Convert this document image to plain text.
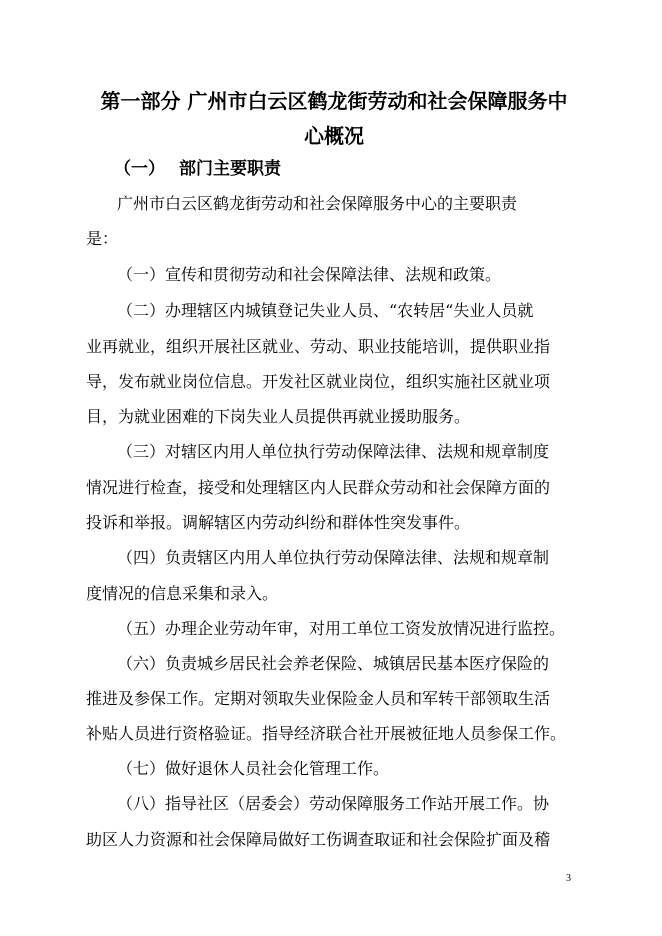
第一部分 广州市白云区鹤龙街劳动和社会保障服务中
心概况
（一） 部门主要职责
广州市白云区鹤龙街劳动和社会保障服务中心的主要职责
是：
（一）宣传和贯彻劳动和社会保障法律、法规和政策。
（二）办理辖区内城镇登记失业人员、“农转居“失业人员就
业再就业，组织开展社区就业、劳动、职业技能培训，提供职业指
导，发布就业岗位信息。开发社区就业岗位，组织实施社区就业项
目，为就业困难的下岗失业人员提供再就业援助服务。
（三）对辖区内用人单位执行劳动保障法律、法规和规章制度
情况进行检查，接受和处理辖区内人民群众劳动和社会保障方面的
投诉和举报。调解辖区内劳动纠纷和群体性突发事件。
（四）负责辖区内用人单位执行劳动保障法律、法规和规章制
度情况的信息采集和录入。
（五）办理企业劳动年审，对用工单位工资发放情况进行监控。
（六）负责城乡居民社会养老保险、城镇居民基本医疗保险的
推进及参保工作。定期对领取失业保险金人员和军转干部领取生活
补贴人员进行资格验证。指导经济联合社开展被征地人员参保工作。
（七）做好退休人员社会化管理工作。
（八）指导社区（居委会）劳动保障服务工作站开展工作。协
助区人力资源和社会保障局做好工伤调查取证和社会保险扩面及稽
3
